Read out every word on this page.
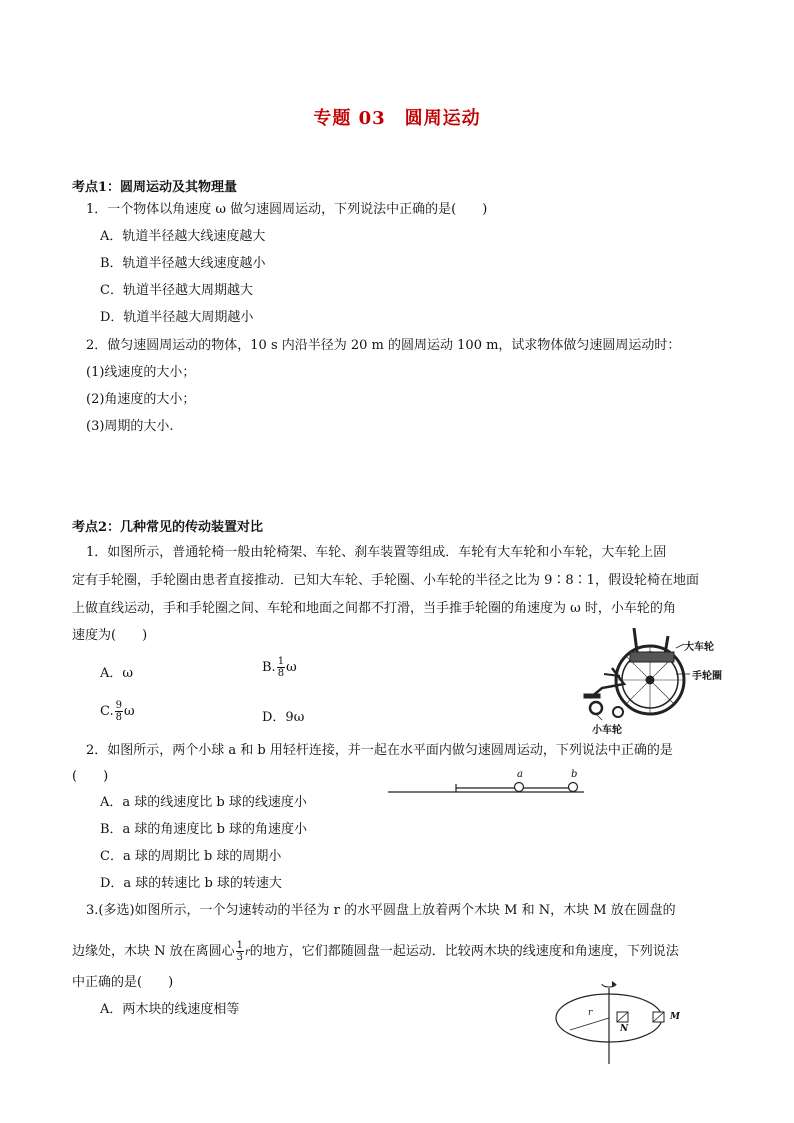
专题 03　圆周运动
考点1：圆周运动及其物理量
1．一个物体以角速度 ω 做匀速圆周运动，下列说法中正确的是(　　)
A．轨道半径越大线速度越大
B．轨道半径越大线速度越小
C．轨道半径越大周期越大
D．轨道半径越大周期越小
2．做匀速圆周运动的物体，10 s 内沿半径为 20 m 的圆周运动 100 m，试求物体做匀速圆周运动时：
(1)线速度的大小；
(2)角速度的大小；
(3)周期的大小.
考点2：几种常见的传动装置对比
1．如图所示，普通轮椅一般由轮椅架、车轮、刹车装置等组成．车轮有大车轮和小车轮，大车轮上固
定有手轮圈，手轮圈由患者直接推动．已知大车轮、手轮圈、小车轮的半径之比为 9∶8∶1，假设轮椅在地面
上做直线运动，手和手轮圈之间、车轮和地面之间都不打滑，当手推手轮圈的角速度为 ω 时，小车轮的角
速度为(　　)
A．ω	B. $\frac{1}{8}$ ω
C. $\frac{9}{8}$ ω	D．9ω
大车轮
手轮圈
小车轮
2．如图所示，两个小球 a 和 b 用轻杆连接，并一起在水平面内做匀速圆周运动，下列说法中正确的是
(　　)
A．a 球的线速度比 b 球的线速度小
B．a 球的角速度比 b 球的角速度小
C．a 球的周期比 b 球的周期小
D．a 球的转速比 b 球的转速大
a	b
3.(多选)如图所示，一个匀速转动的半径为 r 的水平圆盘上放着两个木块 M 和 N，木块 M 放在圆盘的
边缘处，木块 N 放在离圆心 $\frac{1}{3}$ r的地方，它们都随圆盘一起运动．比较两木块的线速度和角速度，下列说法
中正确的是(　　)
A．两木块的线速度相等	r
N
M
